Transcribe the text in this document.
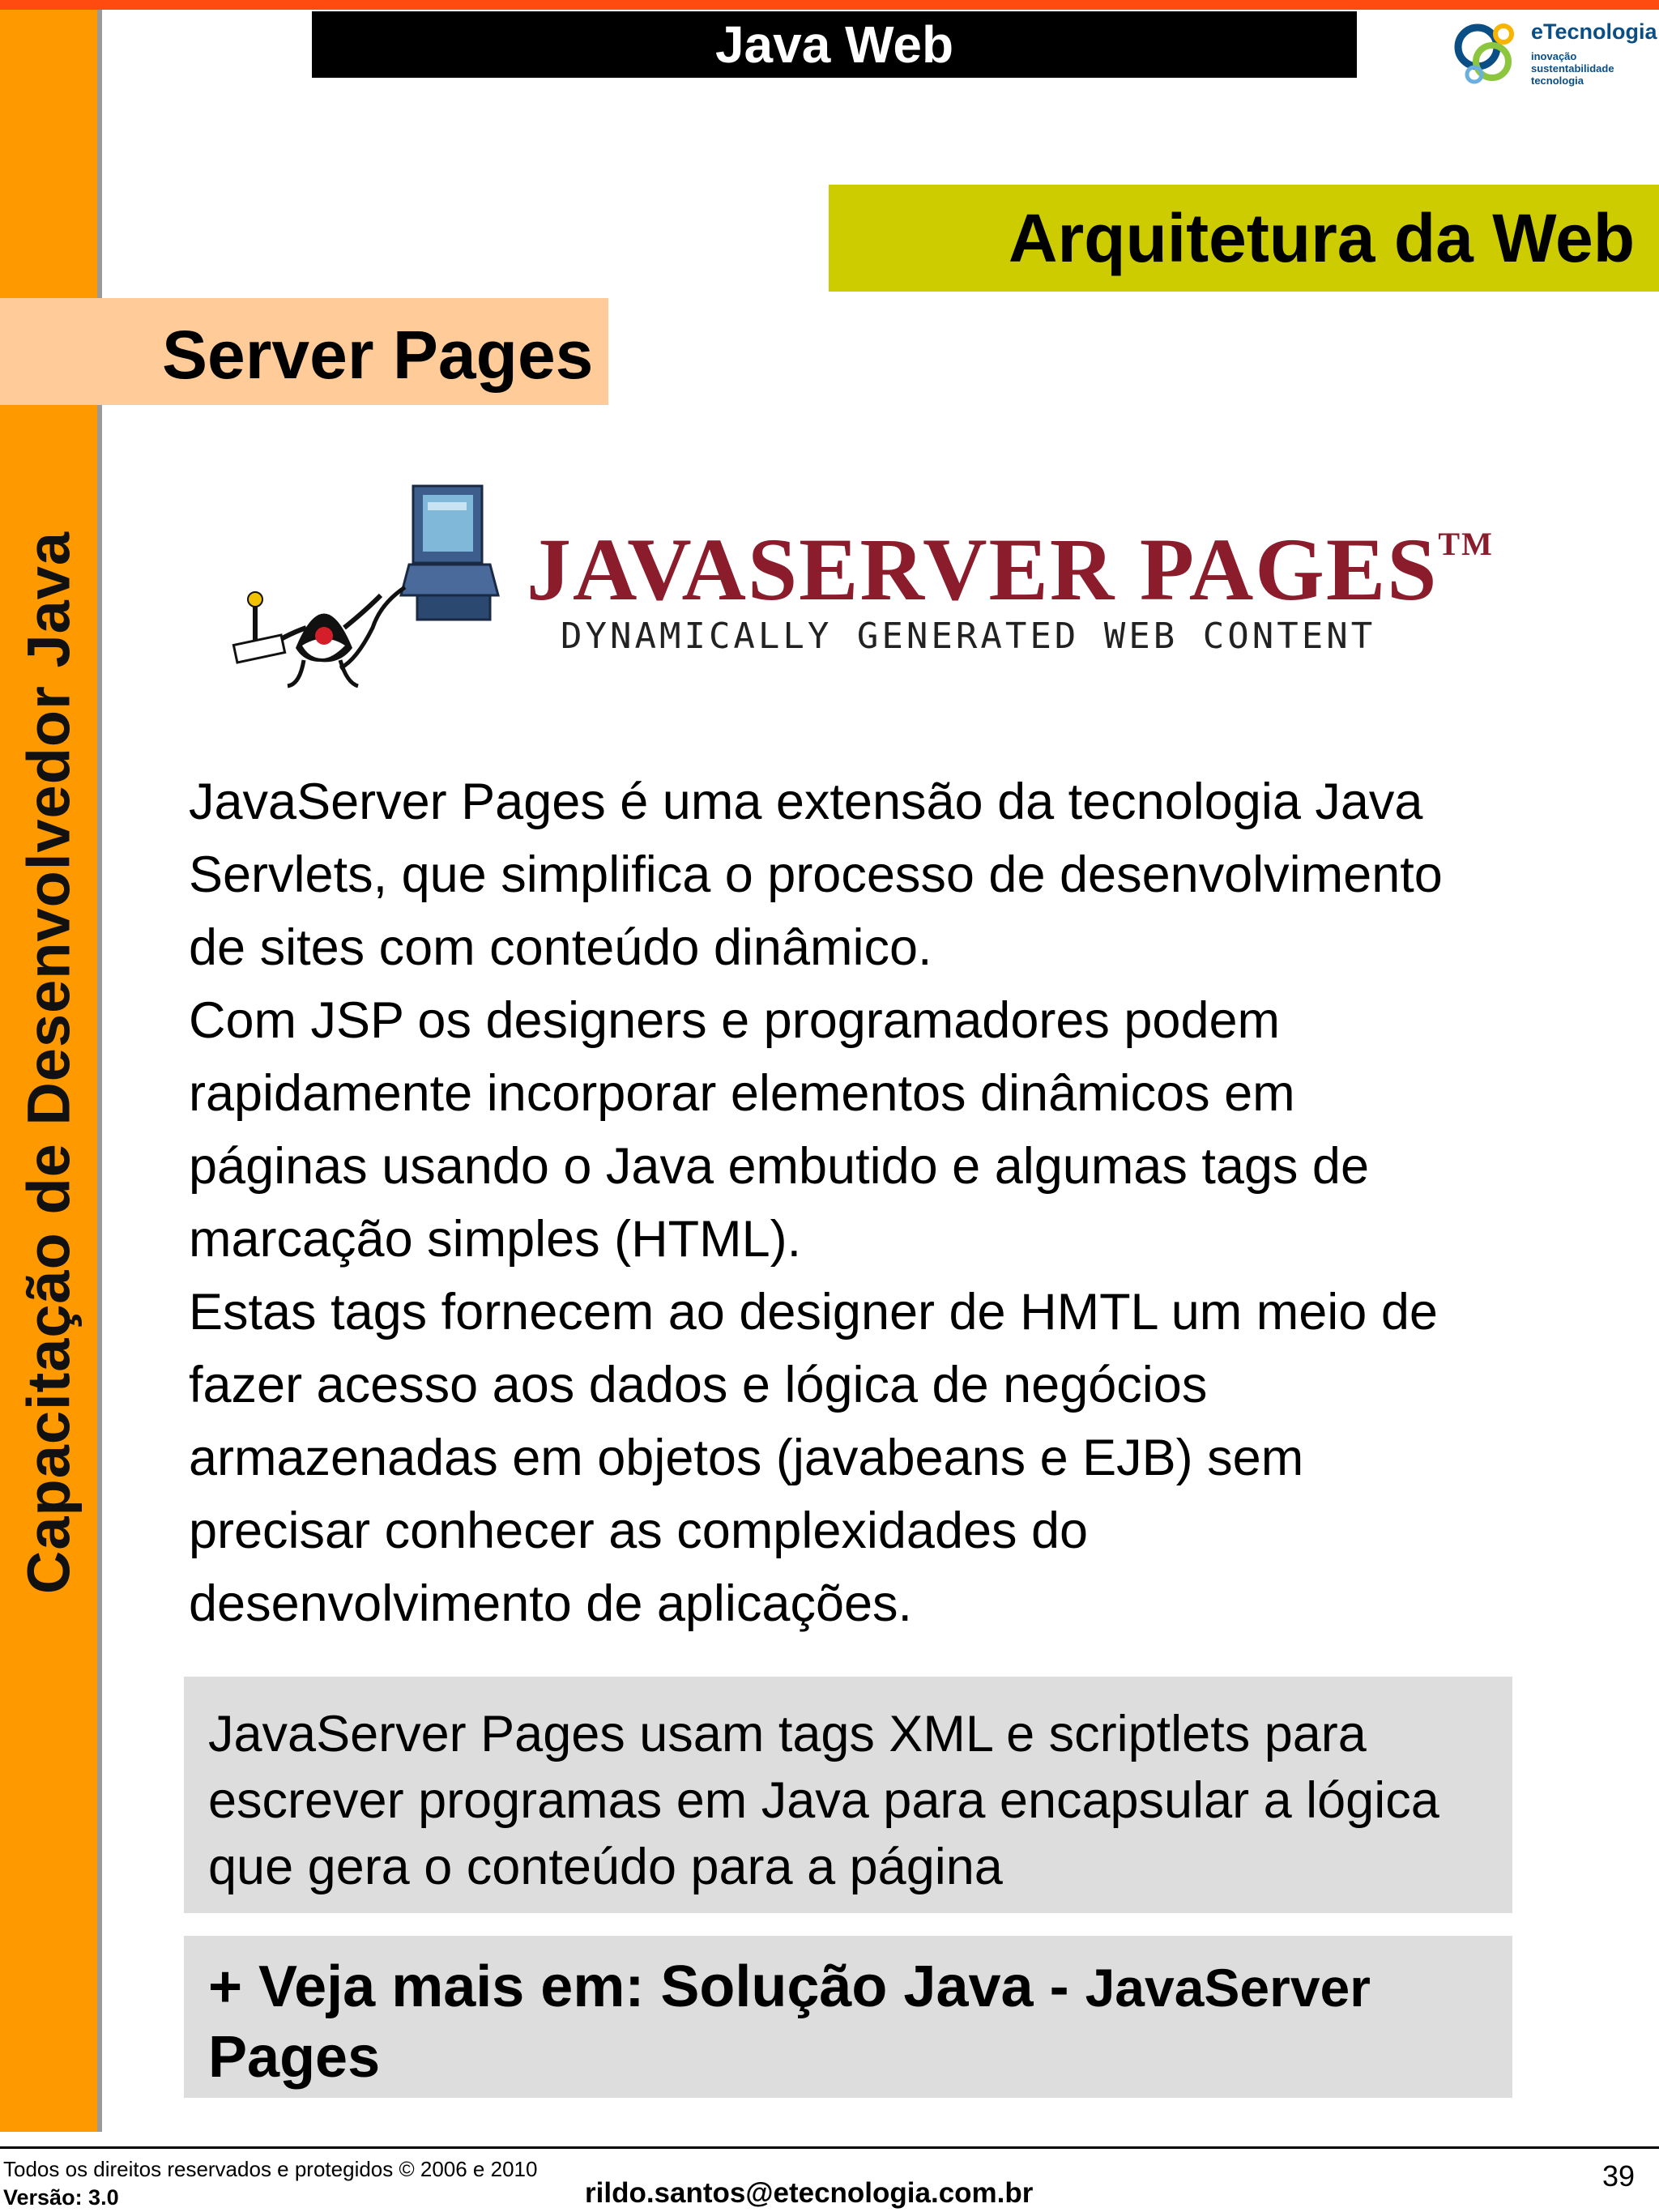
Capacitação de Desenvolvedor Java
Java Web	eTecnologia
inovação
sustentabilidade
tecnologia
Arquitetura da Web
Server Pages
JAVASERVER PAGES™
DYNAMICALLY GENERATED WEB CONTENT

JavaServer Pages é uma extensão da tecnologia Java Servlets, que simplifica o processo de desenvolvimento de sites com conteúdo dinâmico.

Com JSP os designers e programadores podem rapidamente incorporar elementos dinâmicos em páginas usando o Java embutido e algumas tags de marcação simples (HTML).

Estas tags fornecem ao designer de HMTL um meio de fazer acesso aos dados e lógica de negócios armazenadas em objetos (javabeans e EJB) sem precisar conhecer as complexidades do desenvolvimento de aplicações.

JavaServer Pages usam tags XML e scriptlets para escrever programas em Java para encapsular a lógica que gera o conteúdo para a página
+ Veja mais em: Solução Java - JavaServer
Pages
Todos os direitos reservados e protegidos © 2006 e 2010
Versão: 3.0	rildo.santos@etecnologia.com.br
39
